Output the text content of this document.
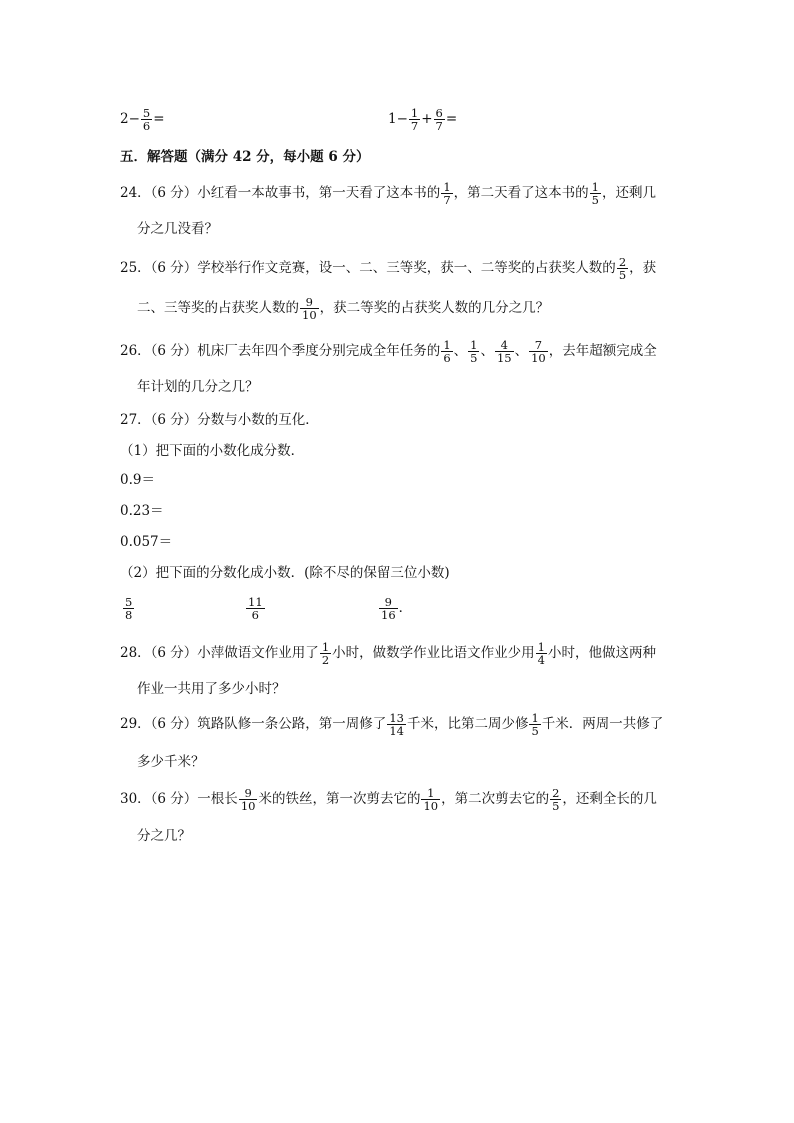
$2- \frac{5}{6}$ =	$1- \frac{1}{7} + \frac{6}{7}$ =
五．解答题（满分 42 分，每小题 6 分）
24．（6 分）小红看一本故事书，第一天看了这本书的 $\frac{1}{7}$ ，第二天看了这本书的 $\frac{1}{5}$ ，还剩几
分之几没看？
25．（6 分）学校举行作文竞赛，设一、二、三等奖，获一、二等奖的占获奖人数的 $\frac{2}{5}$ ，获
二、三等奖的占获奖人数的 $\frac{9}{10}$ ，获二等奖的占获奖人数的几分之几？
26．（6 分）机床厂去年四个季度分别完成全年任务的 $\frac{1}{6}$ 、 $\frac{1}{5}$ 、 $\frac{4}{15}$ 、 $\frac{7}{10}$ ，去年超额完成全
年计划的几分之几？
27．（6 分）分数与小数的互化．
（1）把下面的小数化成分数．
0.9＝
0.23＝
0.057＝
（2）把下面的分数化成小数．(除不尽的保留三位小数)
$\frac{5}{8}$	$\frac{11}{6}$	$\frac{9}{16}$ ．
28．（6 分）小萍做语文作业用了 $\frac{1}{2}$ 小时，做数学作业比语文作业少用 $\frac{1}{4}$ 小时，他做这两种
作业一共用了多少小时？
29．（6 分）筑路队修一条公路，第一周修了 $\frac{13}{14}$ 千米，比第二周少修 $\frac{1}{5}$ 千米．两周一共修了
多少千米？
30．（6 分）一根长 $\frac{9}{10}$ 米的铁丝，第一次剪去它的 $\frac{1}{10}$ ，第二次剪去它的 $\frac{2}{5}$ ，还剩全长的几
分之几？
